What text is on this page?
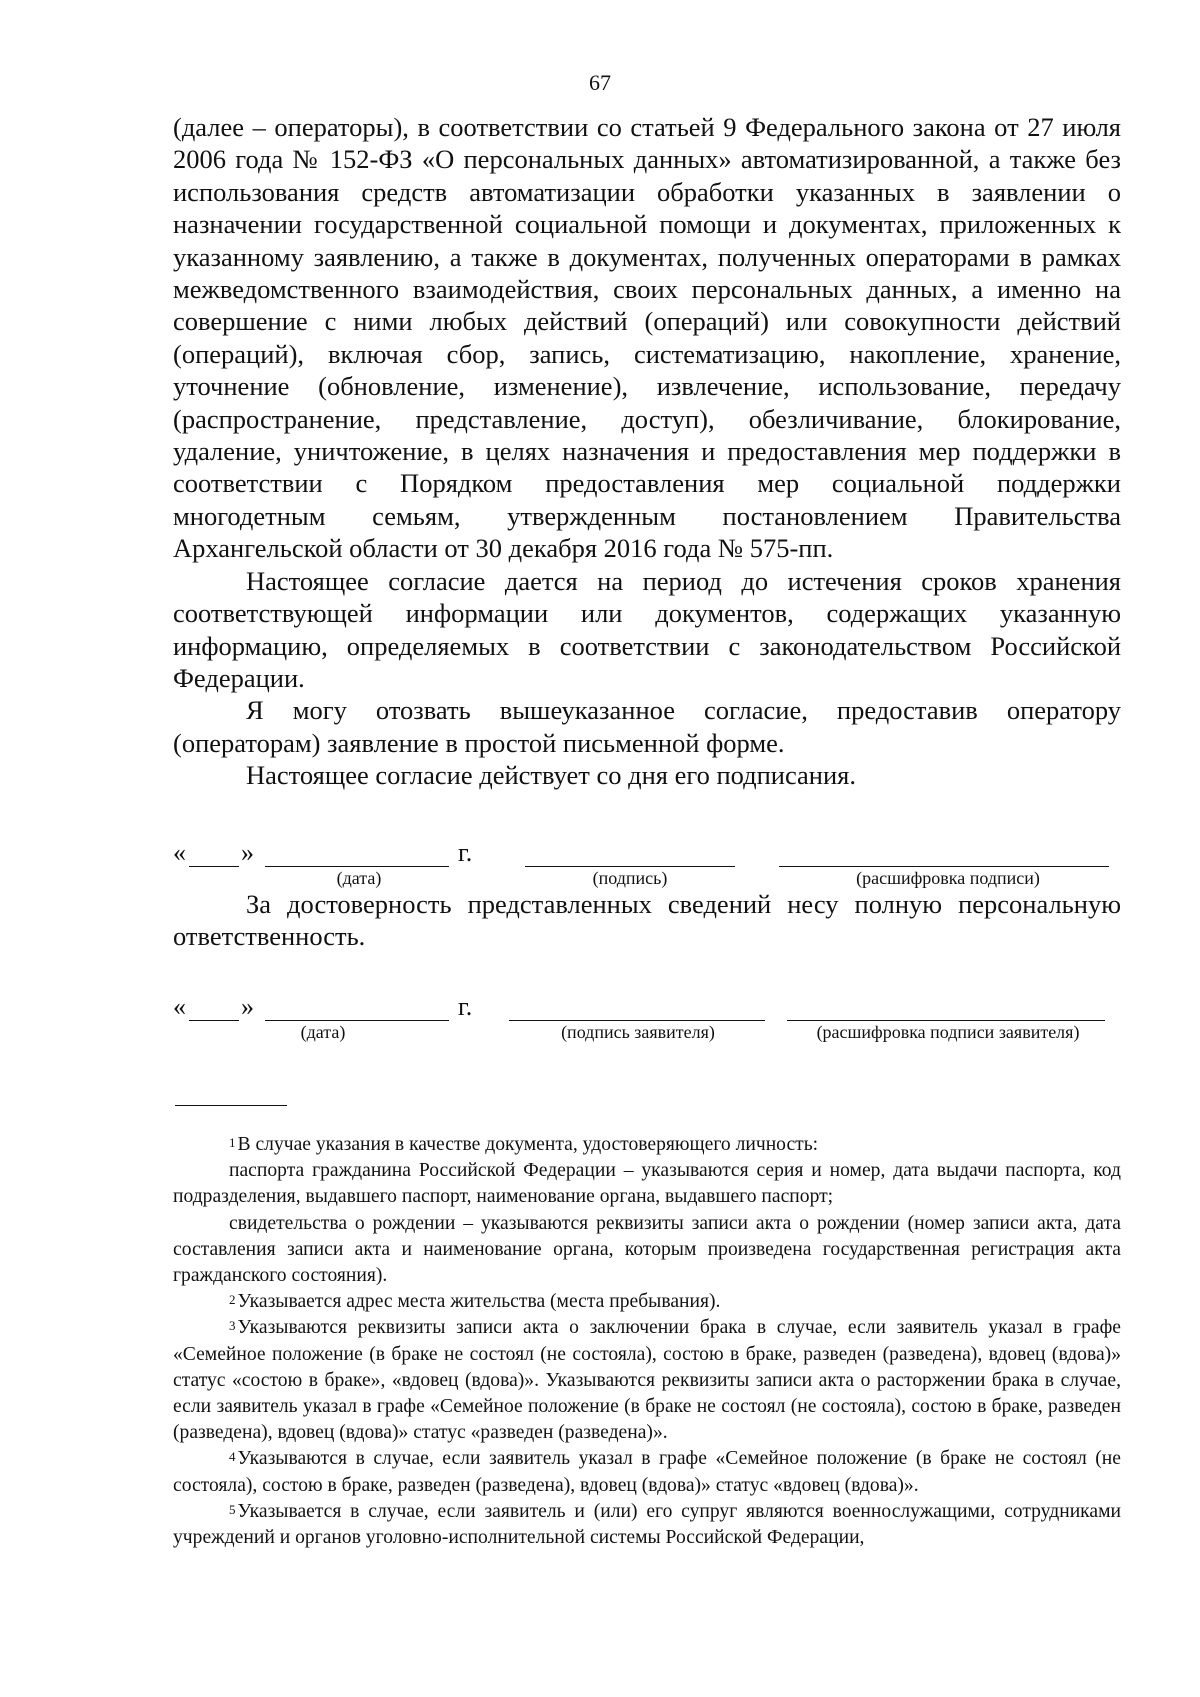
67

(далее – операторы), в соответствии со статьей 9 Федерального закона от 27 июля 2006 года № 152-ФЗ «О персональных данных» автоматизированной, а также без использования средств автоматизации обработки указанных в заявлении о назначении государственной социальной помощи и документах, приложенных к указанному заявлению, а также в документах, полученных операторами в рамках межведомственного взаимодействия, своих персональных данных, а именно на совершение с ними любых действий (операций) или совокупности действий (операций), включая сбор, запись, систематизацию, накопление, хранение, уточнение (обновление, изменение), извлечение, использование, передачу (распространение, представление, доступ), обезличивание, блокирование, удаление, уничтожение, в целях назначения и предоставления мер поддержки в соответствии с Порядком предоставления мер социальной поддержки многодетным семьям, утвержденным постановлением Правительства Архангельской области от 30 декабря 2016 года № 575-пп.

Настоящее согласие дается на период до истечения сроков хранения соответствующей информации или документов, содержащих указанную информацию, определяемых в соответствии с законодательством Российской Федерации.

Я могу отозвать вышеуказанное согласие, предоставив оператору (операторам) заявление в простой письменной форме.

Настоящее согласие действует со дня его подписания.

« »	г.
(дата)	(подпись)	(расшифровка подписи)

За достоверность представленных сведений несу полную персональную ответственность.

« »	г.
(дата)	(подпись заявителя)	(расшифровка подписи заявителя)

$^1$ В случае указания в качестве документа, удостоверяющего личность:

паспорта гражданина Российской Федерации – указываются серия и номер, дата выдачи паспорта, код подразделения, выдавшего паспорт, наименование органа, выдавшего паспорт;

свидетельства о рождении – указываются реквизиты записи акта о рождении (номер записи акта, дата составления записи акта и наименование органа, которым произведена государственная регистрация акта гражданского состояния).

$^2$ Указывается адрес места жительства (места пребывания).

$^3$ Указываются реквизиты записи акта о заключении брака в случае, если заявитель указал в графе «Семейное положение (в браке не состоял (не состояла), состою в браке, разведен (разведена), вдовец (вдова)» статус «состою в браке», «вдовец (вдова)». Указываются реквизиты записи акта о расторжении брака в случае, если заявитель указал в графе «Семейное положение (в браке не состоял (не состояла), состою в браке, разведен (разведена), вдовец (вдова)» статус «разведен (разведена)».

$^4$ Указываются в случае, если заявитель указал в графе «Семейное положение (в браке не состоял (не состояла), состою в браке, разведен (разведена), вдовец (вдова)» статус «вдовец (вдова)».

$^5$ Указывается в случае, если заявитель и (или) его супруг являются военнослужащими, сотрудниками учреждений и органов уголовно-исполнительной системы Российской Федерации,
